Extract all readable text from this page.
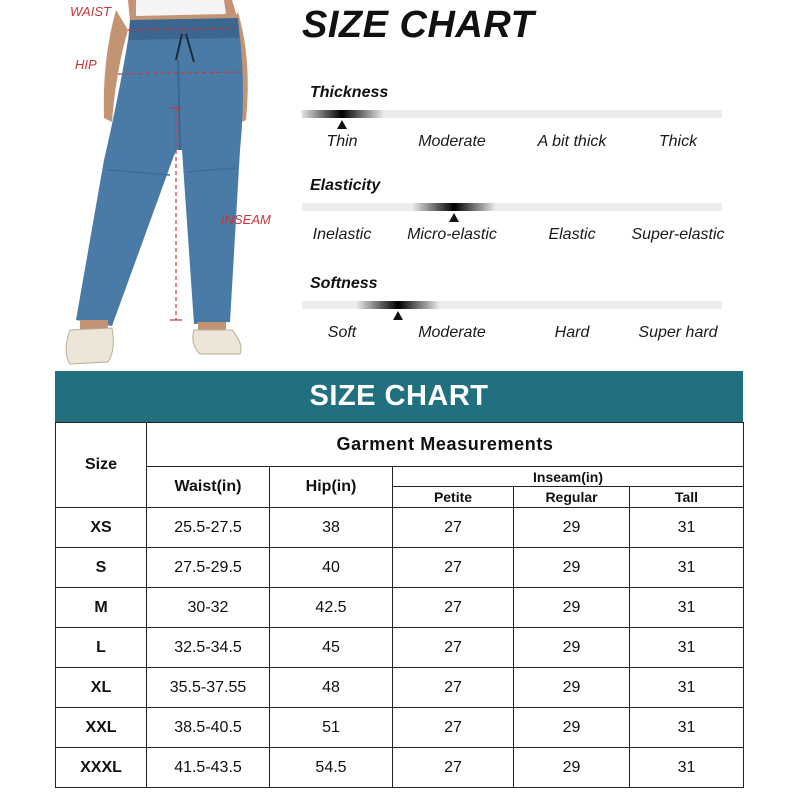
WAIST
HIP
INSEAM
SIZE CHART
Thickness
Thin	Moderate	A bit thick	Thick
Elasticity
Inelastic Micro-elastic	Elastic Super-elastic
Softness
Soft	Moderate	Hard	Super hard
SIZE CHART
Size	Garment Measurements				
	Waist(in)	Hip(in)	Inseam(in)		
			Petite	Regular	Tall
XS	25.5-27.5	38	27	29	31
S	27.5-29.5	40	27	29	31
M	30-32	42.5	27	29	31
L	32.5-34.5	45	27	29	31
XL	35.5-37.55	48	27	29	31
XXL	38.5-40.5	51	27	29	31
XXXL	41.5-43.5	54.5	27	29	31
